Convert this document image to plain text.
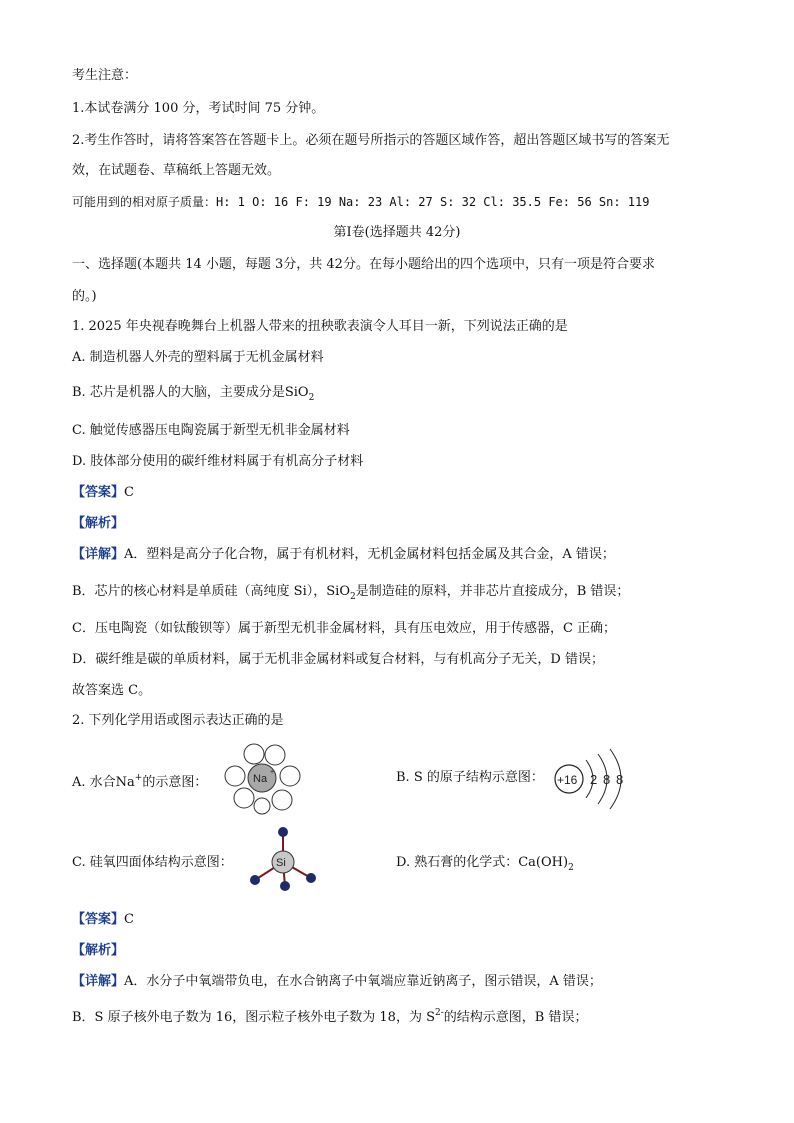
考生注意：
1.本试卷满分 100 分，考试时间 75 分钟。
2.考生作答时，请将答案答在答题卡上。必须在题号所指示的答题区域作答，超出答题区域书写的答案无
效，在试题卷、草稿纸上答题无效。
可能用到的相对原子质量：H: 1 O: 16 F: 19 Na: 23 Al: 27 S: 32 Cl: 35.5 Fe: 56 Sn: 119
第Ⅰ卷(选择题共 42分)
一、选择题(本题共 14 小题，每题 3分，共 42分。在每小题给出的四个选项中，只有一项是符合要求
的。)
1. 2025 年央视春晚舞台上机器人带来的扭秧歌表演令人耳目一新，下列说法正确的是
A. 制造机器人外壳的塑料属于无机金属材料
B. 芯片是机器人的大脑，主要成分是SiO$_2$
C. 触觉传感器压电陶瓷属于新型无机非金属材料
D. 肢体部分使用的碳纤维材料属于有机高分子材料
【答案】C
【解析】
【详解】A．塑料是高分子化合物，属于有机材料，无机金属材料包括金属及其合金，A 错误；
B．芯片的核心材料是单质硅（高纯度 Si），SiO$_2$是制造硅的原料，并非芯片直接成分，B 错误；
C．压电陶瓷（如钛酸钡等）属于新型无机非金属材料，具有压电效应，用于传感器，C 正确；
D．碳纤维是碳的单质材料，属于无机非金属材料或复合材料，与有机高分子无关，D 错误；
故答案选 C。
2. 下列化学用语或图示表达正确的是
A. 水合Na+的示意图：	Na
+	B. S 的原子结构示意图： +16 2 8 8
C. 硅氧四面体结构示意图：	Si	D. 熟石膏的化学式：$Ca(OH)_2$
【答案】C
【解析】
【详解】A．水分子中氧端带负电，在水合钠离子中氧端应靠近钠离子，图示错误，A 错误；
B．S 原子核外电子数为 16，图示粒子核外电子数为 18，为 $S^{2-}$的结构示意图，B 错误；
